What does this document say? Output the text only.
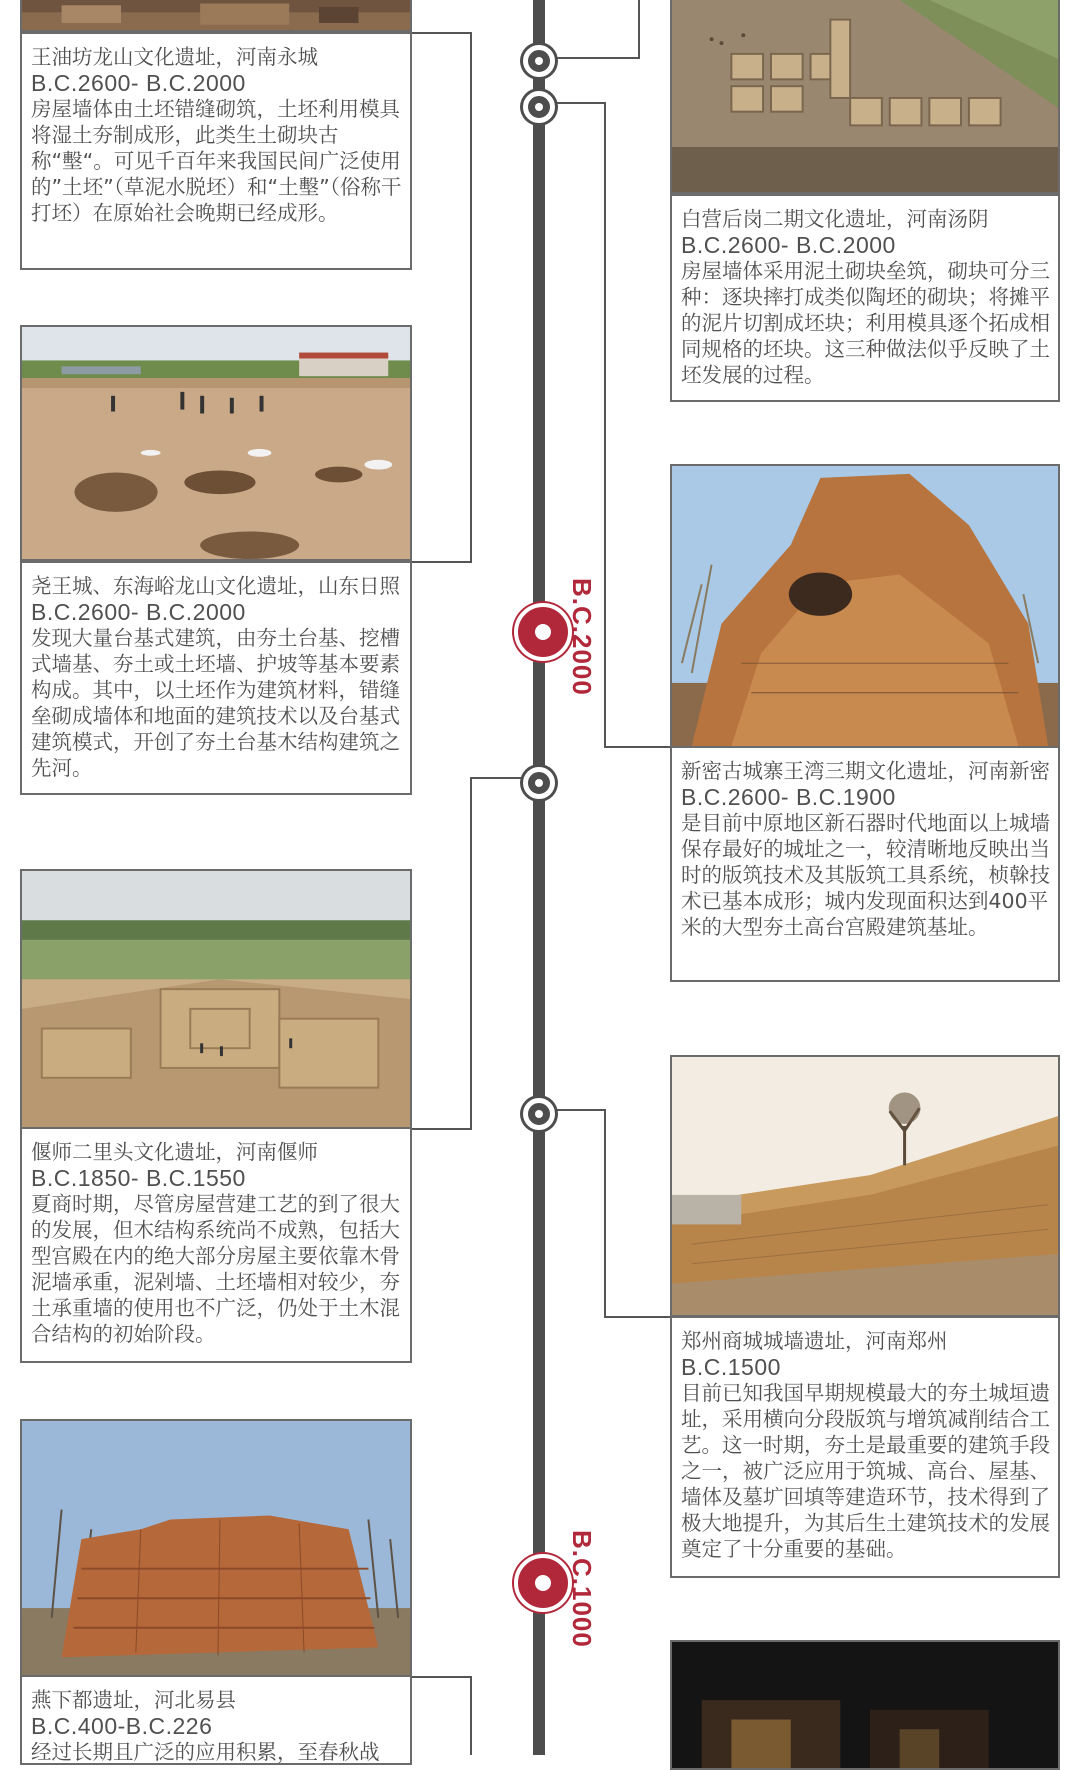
B.C.2000
B.C.1000
王油坊龙山文化遗址，河南永城
B.C.2600- B.C.2000
房屋墙体由土坯错缝砌筑，土坯利用模具将湿土夯制成形，此类生土砌块古称“墼“。可见千百年来我国民间广泛使用的”土坯”（草泥水脱坯）和“土墼”（俗称干打坯）在原始社会晚期已经成形。	白营后岗二期文化遗址，河南汤阴
B.C.2600- B.C.2000
房屋墙体采用泥土砌块垒筑，砌块可分三种：逐块摔打成类似陶坯的砌块；将摊平的泥片切割成坯块；利用模具逐个拓成相同规格的坯块。这三种做法似乎反映了土坯发展的过程。
尧王城、东海峪龙山文化遗址，山东日照
B.C.2600- B.C.2000
发现大量台基式建筑，由夯土台基、挖槽式墙基、夯土或土坯墙、护坡等基本要素构成。其中，以土坯作为建筑材料，错缝垒砌成墙体和地面的建筑技术以及台基式建筑模式，开创了夯土台基木结构建筑之先河。	新密古城寨王湾三期文化遗址，河南新密
B.C.2600- B.C.1900
是目前中原地区新石器时代地面以上城墙保存最好的城址之一，较清晰地反映出当时的版筑技术及其版筑工具系统，桢榦技术已基本成形；城内发现面积达到400平米的大型夯土高台宫殿建筑基址。
偃师二里头文化遗址，河南偃师
B.C.1850- B.C.1550
夏商时期，尽管房屋营建工艺的到了很大的发展，但木结构系统尚不成熟，包括大型宫殿在内的绝大部分房屋主要依靠木骨泥墙承重，泥剁墙、土坯墙相对较少，夯土承重墙的使用也不广泛，仍处于土木混合结构的初始阶段。	郑州商城城墙遗址，河南郑州
B.C.1500
目前已知我国早期规模最大的夯土城垣遗址，采用横向分段版筑与增筑减削结合工艺。这一时期，夯土是最重要的建筑手段之一，被广泛应用于筑城、高台、屋基、墙体及墓圹回填等建造环节，技术得到了极大地提升，为其后生土建筑技术的发展奠定了十分重要的基础。
燕下都遗址，河北易县
B.C.400-B.C.226
经过长期且广泛的应用积累，至春秋战
